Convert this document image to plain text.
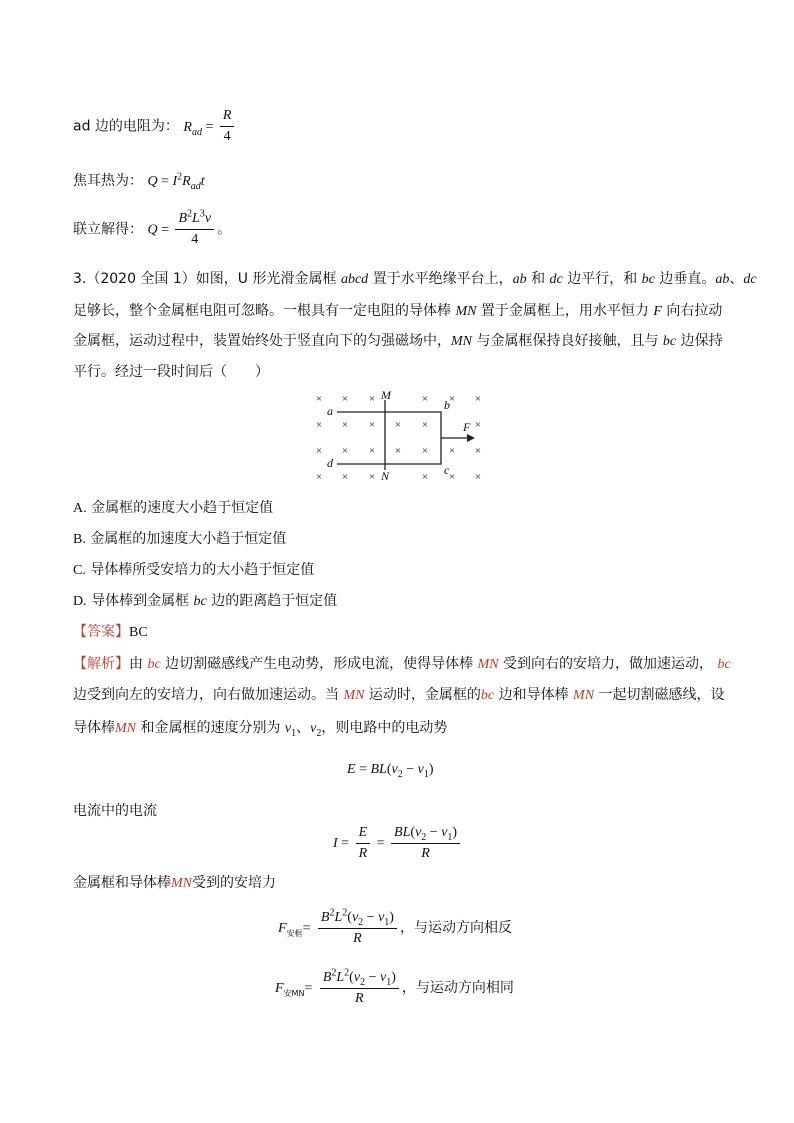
ad 边的电阻为： $R_{ad} = \frac{R}{4}$
焦耳热为： $Q = I^2R_{ad}t$
联立解得： $Q = \frac{B^2L^3v}{4}$ 。
3.（2020 全国 1）如图，U 形光滑金属框 abcd 置于水平绝缘平台上，ab 和 dc 边平行，和 bc 边垂直。ab、dc
足够长，整个金属框电阻可忽略。一根具有一定电阻的导体棒 MN 置于金属框上，用水平恒力 F 向右拉动
金属框，运动过程中，装置始终处于竖直向下的匀强磁场中，MN 与金属框保持良好接触，且与 bc 边保持
平行。经过一段时间后（　　）
× × ×	× × ×
× × × × ×	×
× × × × × × ×
× × ×	× × ×
a	b
c
d
M
N
F
A. 金属框的速度大小趋于恒定值
B. 金属框的加速度大小趋于恒定值
C. 导体棒所受安培力的大小趋于恒定值
D. 导体棒到金属框 bc 边的距离趋于恒定值
【答案】BC
【解析】由 bc 边切割磁感线产生电动势，形成电流，使得导体棒 MN 受到向右的安培力，做加速运动， bc
边受到向左的安培力，向右做加速运动。当 MN 运动时，金属框的bc 边和导体棒 MN 一起切割磁感线，设
导体棒MN 和金属框的速度分别为 $v_1$、$v_2$，则电路中的电动势
$E = BL(v_2 - v_1)$
电流中的电流
$I = \frac{E}{R} = \frac{BL(v_2 - v_1)}{R}$
金属框和导体棒MN受到的安培力
$F_{安框}= \frac{B^2L^2(v_2 - v_1)}{R}$ ，与运动方向相反
$F_{安MN}= \frac{B^2L^2(v_2 - v_1)}{R}$ ，与运动方向相同
